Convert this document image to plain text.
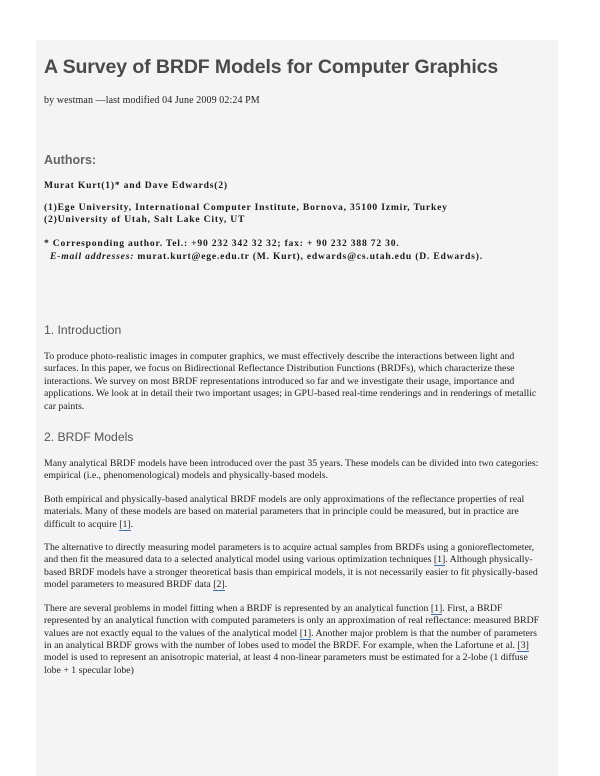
A Survey of BRDF Models for Computer Graphics
by westman —last modified 04 June 2009 02:24 PM
Authors:
Murat Kurt(1)* and Dave Edwards(2)
(1)Ege University, International Computer Institute, Bornova, 35100 Izmir, Turkey
(2)University of Utah, Salt Lake City, UT
* Corresponding author. Tel.: +90 232 342 32 32; fax: + 90 232 388 72 30.
E-mail addresses: murat.kurt@ege.edu.tr (M. Kurt), edwards@cs.utah.edu (D. Edwards).
1. Introduction

To produce photo-realistic images in computer graphics, we must effectively describe the interactions between light and surfaces. In this paper, we focus on Bidirectional Reflectance Distribution Functions (BRDFs), which characterize these interactions. We survey on most BRDF representations introduced so far and we investigate their usage, importance and applications. We look at in detail their two important usages; in GPU-based real-time renderings and in renderings of metallic car paints.

2. BRDF Models

Many analytical BRDF models have been introduced over the past 35 years. These models can be divided into two categories: empirical (i.e., phenomenological) models and physically-based models.

Both empirical and physically-based analytical BRDF models are only approximations of the reflectance properties of real materials. Many of these models are based on material parameters that in principle could be measured, but in practice are difficult to acquire [1].

The alternative to directly measuring model parameters is to acquire actual samples from BRDFs using a gonioreflectometer, and then fit the measured data to a selected analytical model using various optimization techniques [1]. Although physically-based BRDF models have a stronger theoretical basis than empirical models, it is not necessarily easier to fit physically-based model parameters to measured BRDF data [2].

There are several problems in model fitting when a BRDF is represented by an analytical function [1]. First, a BRDF represented by an analytical function with computed parameters is only an approximation of real reflectance: measured BRDF values are not exactly equal to the values of the analytical model [1]. Another major problem is that the number of parameters in an analytical BRDF grows with the number of lobes used to model the BRDF. For example, when the Lafortune et al. [3] model is used to represent an anisotropic material, at least 4 non-linear parameters must be estimated for a 2-lobe (1 diffuse lobe + 1 specular lobe)
